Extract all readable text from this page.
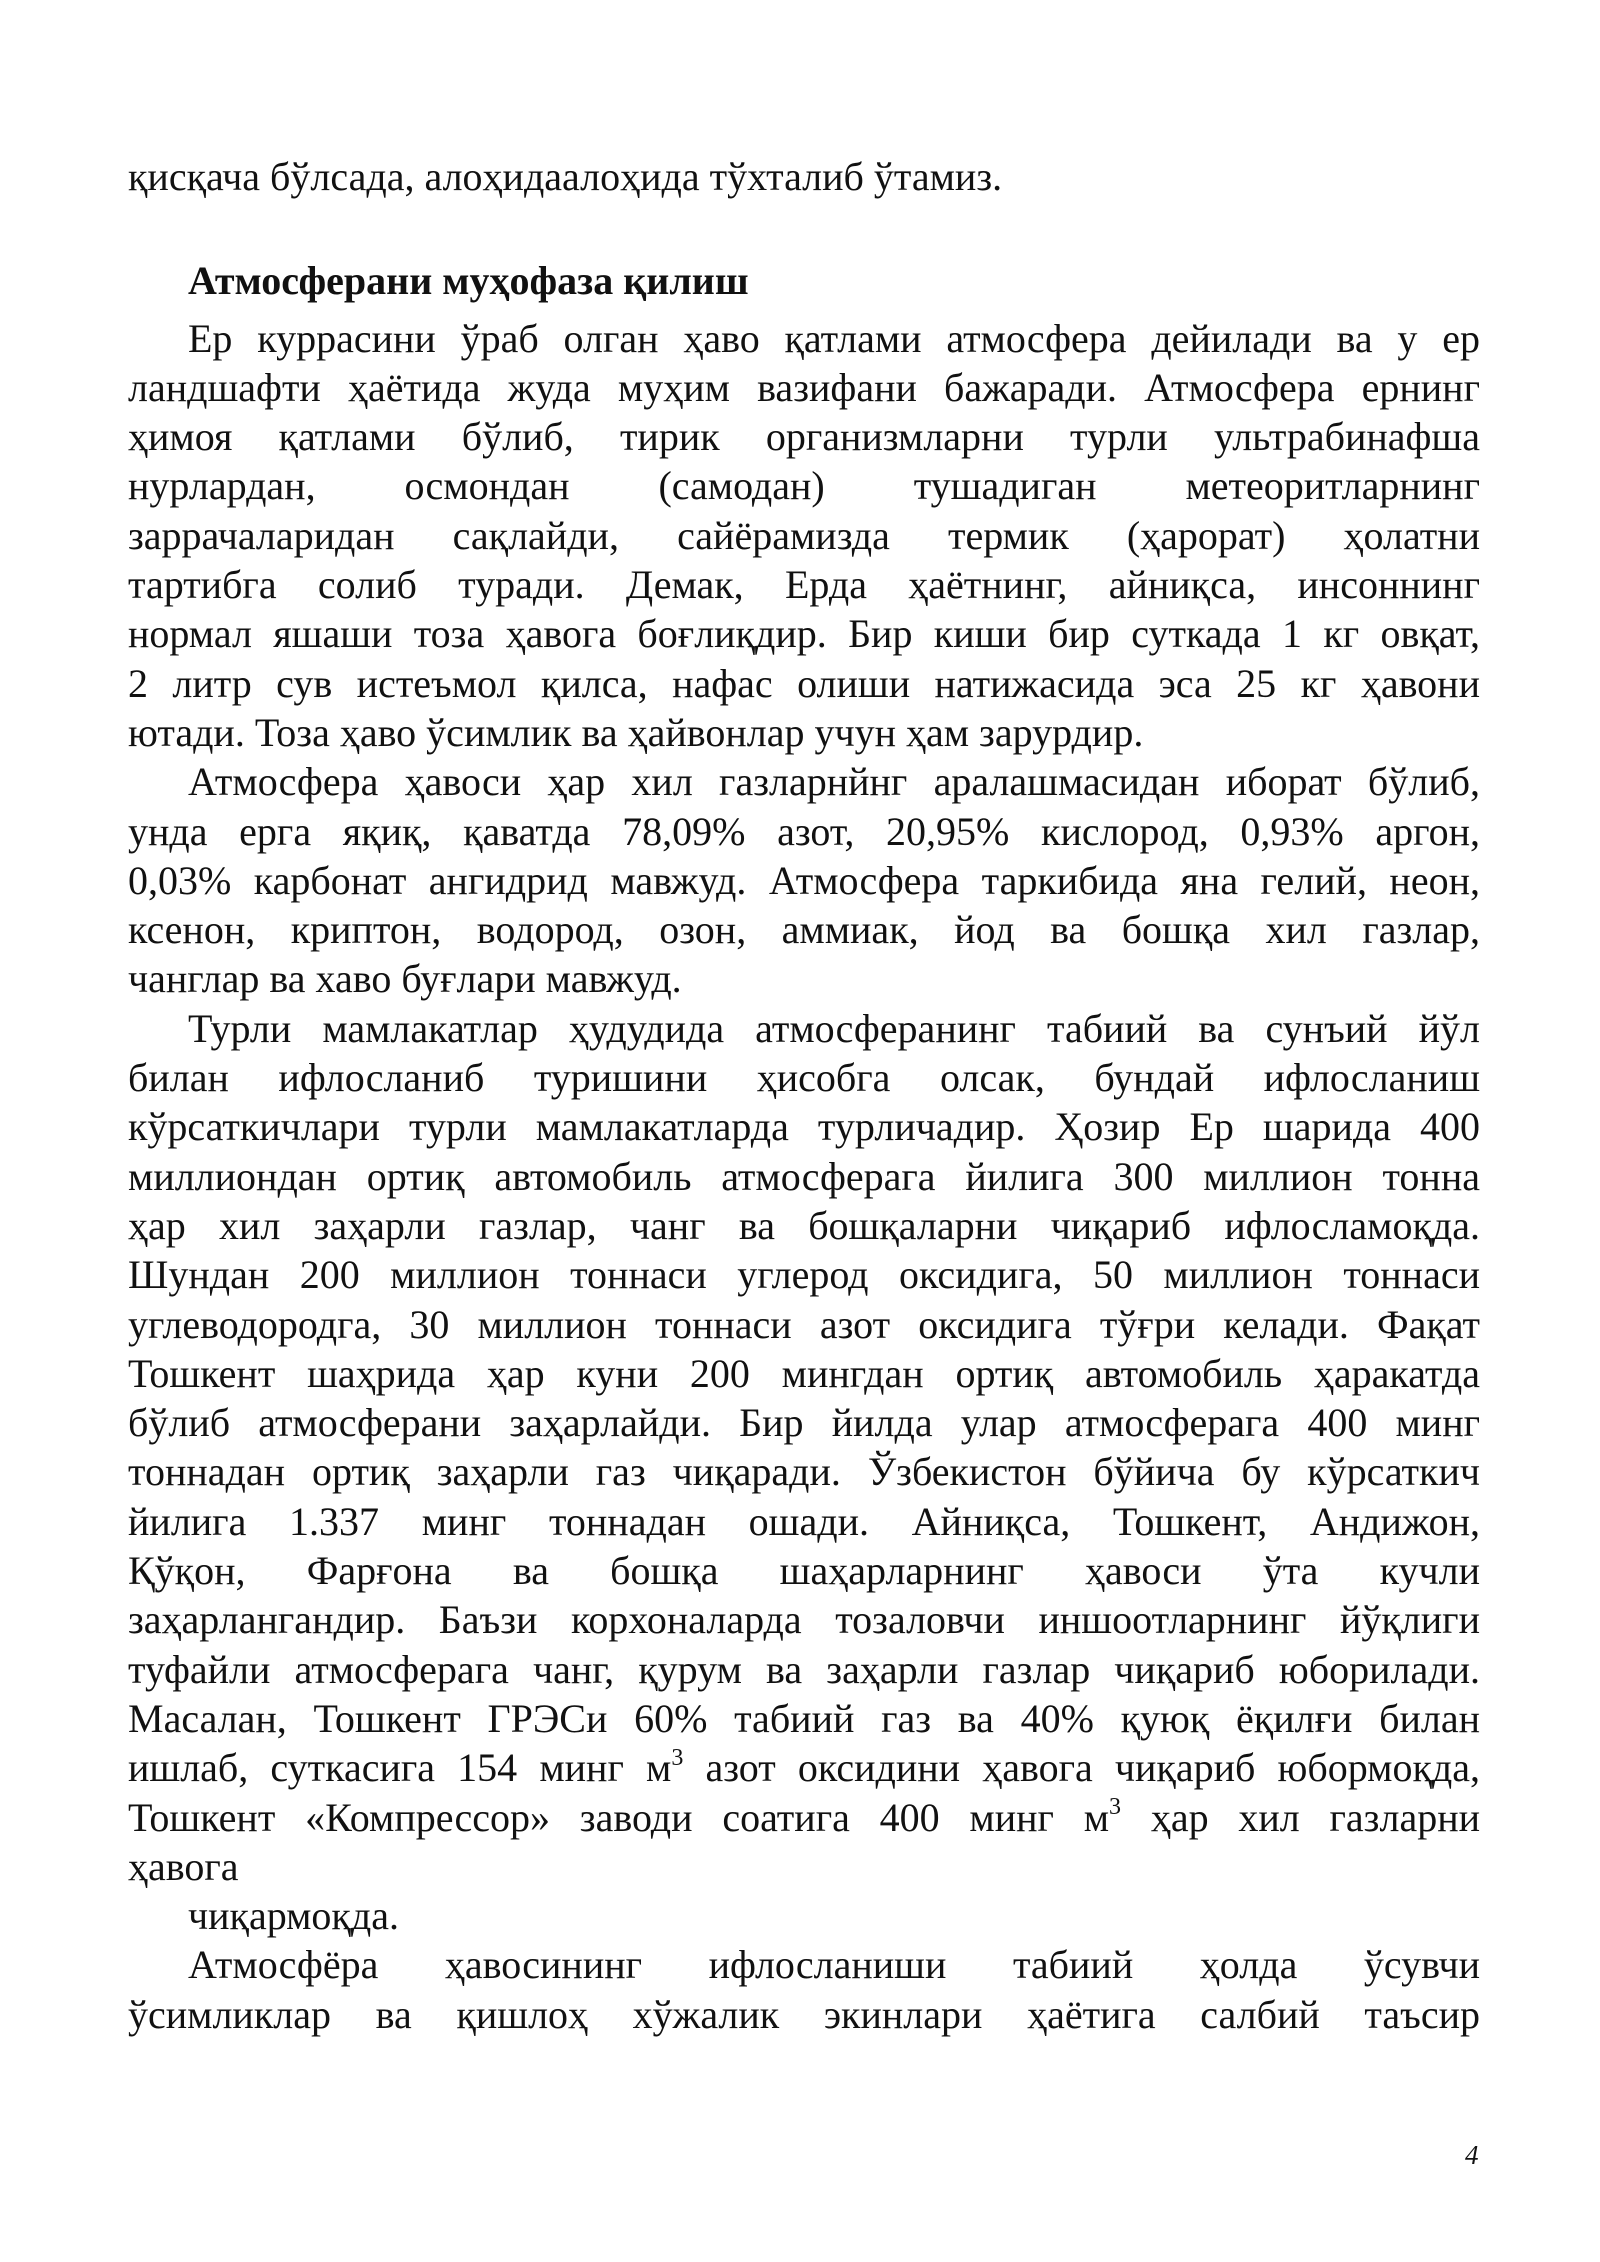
қисқача бўлсада, алоҳидаалоҳида тўхталиб ўтамиз.
Атмосферани муҳофаза қилиш
Ер куррасини ўраб олган ҳаво қатлами атмосфера дейилади ва у ер
ландшафти ҳаётида жуда муҳим вазифани бажаради. Атмосфера ернинг
ҳимоя қатлами бўлиб, тирик организмларни турли ультрабинафша
нурлардан, осмондан (самодан) тушадиган метеоритларнинг
заррачаларидан сақлайди, сайёрамизда термик (ҳарорат) ҳолатни
тартибга солиб туради. Демак, Ерда ҳаётнинг, айниқса, инсоннинг
нормал яшаши тоза ҳавога боғлиқдир. Бир киши бир суткада 1 кг овқат,
2 литр сув истеъмол қилса, нафас олиши натижасида эса 25 кг ҳавони
ютади. Тоза ҳаво ўсимлик ва ҳайвонлар учун ҳам зарурдир.
Атмосфера ҳавоси ҳар хил газларнйнг аралашмасидан иборат бўлиб,
унда ерга яқиқ, қаватда 78,09% азот, 20,95% кислород, 0,93% аргон,
0,03% карбонат ангидрид мавжуд. Атмосфера таркибида яна гелий, неон,
ксенон, криптон, водород, озон, аммиак, йод ва бошқа хил газлар,
чанглар ва хаво буғлари мавжуд.
Турли мамлакатлар ҳудудида атмосферанинг табиий ва сунъий йўл
билан ифлосланиб туришини ҳисобга олсак, бундай ифлосланиш
кўрсаткичлари турли мамлакатларда турличадир. Ҳозир Ер шарида 400
миллиондан ортиқ автомобиль атмосферага йилига 300 миллион тонна
ҳар хил заҳарли газлар, чанг ва бошқаларни чиқариб ифлосламоқда.
Шундан 200 миллион тоннаси углерод оксидига, 50 миллион тоннаси
углеводородга, 30 миллион тоннаси азот оксидига тўғри келади. Фақат
Тошкент шаҳрида ҳар куни 200 мингдан ортиқ автомобиль ҳаракатда
бўлиб атмосферани заҳарлайди. Бир йилда улар атмосферага 400 минг
тоннадан ортиқ заҳарли газ чиқаради. Ўзбекистон бўйича бу кўрсаткич
йилига 1.337 минг тоннадан ошади. Айниқса, Тошкент, Андижон,
Қўқон, Фарғона ва бошқа шаҳарларнинг ҳавоси ўта кучли
заҳарлангандир. Баъзи корхоналарда тозаловчи иншоотларнинг йўқлиги
туфайли атмосферага чанг, қурум ва заҳарли газлар чиқариб юборилади.
Масалан, Тошкент ГРЭСи 60% табиий газ ва 40% қуюқ ёқилғи билан
ишлаб, суткасига 154 минг $м^3$ азот оксидини ҳавога чиқариб юбормоқда,
Тошкент «Компрессор» заводи соатига 400 минг $м^3$ ҳар хил газларни
ҳавога
чиқармоқда.
Атмосфёра ҳавосининг ифлосланиши табиий ҳолда ўсувчи
ўсимликлар ва қишлоҳ хўжалик экинлари ҳаётига салбий таъсир
4
